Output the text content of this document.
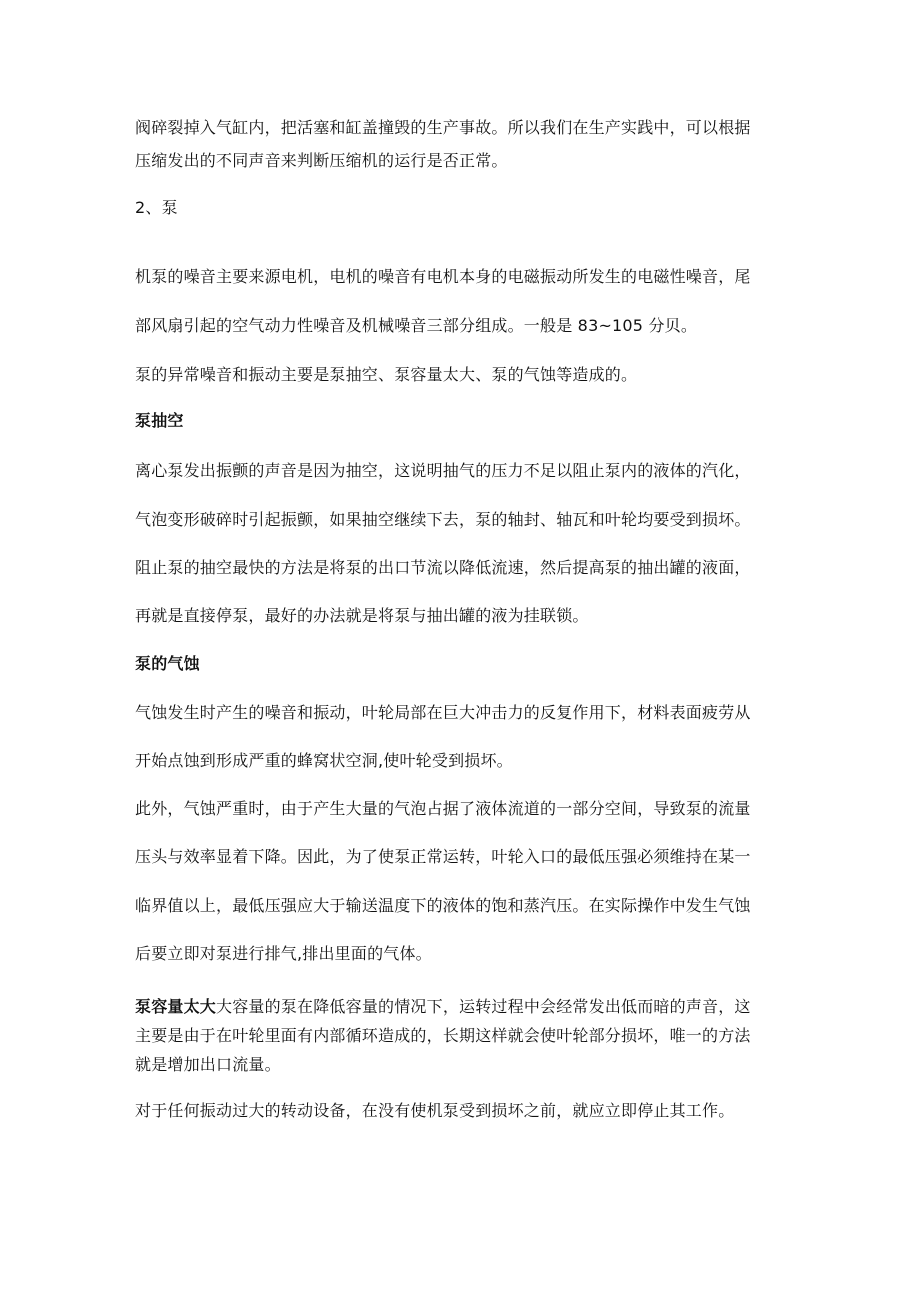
阀碎裂掉入气缸内，把活塞和缸盖撞毁的生产事故。所以我们在生产实践中，可以根据
压缩发出的不同声音来判断压缩机的运行是否正常。
2、泵
机泵的噪音主要来源电机，电机的噪音有电机本身的电磁振动所发生的电磁性噪音，尾
部风扇引起的空气动力性噪音及机械噪音三部分组成。一般是 83~105 分贝。
泵的异常噪音和振动主要是泵抽空、泵容量太大、泵的气蚀等造成的。
泵抽空
离心泵发出振颤的声音是因为抽空，这说明抽气的压力不足以阻止泵内的液体的汽化，
气泡变形破碎时引起振颤，如果抽空继续下去，泵的轴封、轴瓦和叶轮均要受到损坏。
阻止泵的抽空最快的方法是将泵的出口节流以降低流速，然后提高泵的抽出罐的液面，
再就是直接停泵，最好的办法就是将泵与抽出罐的液为挂联锁。
泵的气蚀
气蚀发生时产生的噪音和振动，叶轮局部在巨大冲击力的反复作用下，材料表面疲劳从
开始点蚀到形成严重的蜂窝状空洞,使叶轮受到损坏。
此外，气蚀严重时，由于产生大量的气泡占据了液体流道的一部分空间，导致泵的流量
压头与效率显着下降。因此，为了使泵正常运转，叶轮入口的最低压强必须维持在某一
临界值以上，最低压强应大于输送温度下的液体的饱和蒸汽压。在实际操作中发生气蚀
后要立即对泵进行排气,排出里面的气体。
泵容量太大大容量的泵在降低容量的情况下，运转过程中会经常发出低而暗的声音，这
主要是由于在叶轮里面有内部循环造成的，长期这样就会使叶轮部分损坏，唯一的方法
就是增加出口流量。
对于任何振动过大的转动设备，在没有使机泵受到损坏之前，就应立即停止其工作。
